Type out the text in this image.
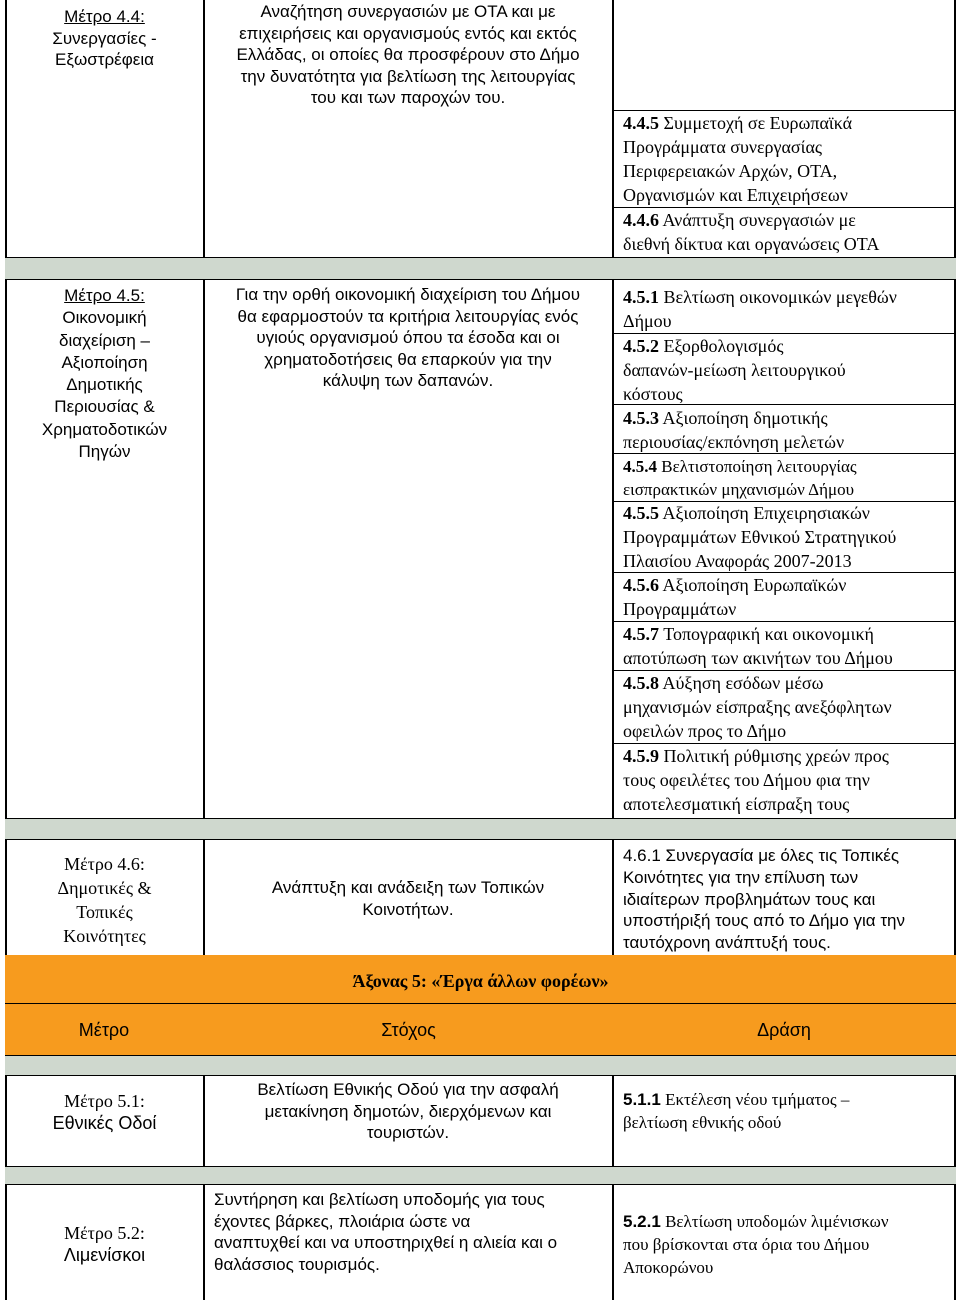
Μέτρο 4.4:
Συνεργασίες -
Εξωστρέφεια
Αναζήτηση συνεργασιών με ΟΤΑ και με
επιχειρήσεις και οργανισμούς εντός και εκτός
Ελλάδας, οι οποίες θα προσφέρουν στο Δήμο
την δυνατότητα για βελτίωση της λειτουργίας
του και των παροχών του.
4.4.5 Συμμετοχή σε Ευρωπαϊκά
Προγράμματα συνεργασίας
Περιφερειακών Αρχών, ΟΤΑ,
Οργανισμών και Επιχειρήσεων
4.4.6 Ανάπτυξη συνεργασιών με
διεθνή δίκτυα και οργανώσεις ΟΤΑ
Μέτρο 4.5:
Οικονομική
διαχείριση –
Αξιοποίηση
Δημοτικής
Περιουσίας &
Χρηματοδοτικών
Πηγών
Για την ορθή οικονομική διαχείριση του Δήμου
θα εφαρμοστούν τα κριτήρια λειτουργίας ενός
υγιούς οργανισμού όπου τα έσοδα και οι
χρηματοδοτήσεις θα επαρκούν για την
κάλυψη των δαπανών.
4.5.1 Βελτίωση οικονομικών μεγεθών
Δήμου
4.5.2 Εξορθολογισμός
δαπανών-μείωση λειτουργικού
κόστους
4.5.3 Αξιοποίηση δημοτικής
περιουσίας/εκπόνηση μελετών
4.5.4 Βελτιστοποίηση λειτουργίας
εισπρακτικών μηχανισμών Δήμου
4.5.5 Αξιοποίηση Επιχειρησιακών
Προγραμμάτων Εθνικού Στρατηγικού
Πλαισίου Αναφοράς 2007-2013
4.5.6 Αξιοποίηση Ευρωπαϊκών
Προγραμμάτων
4.5.7 Τοπογραφική και οικονομική
αποτύπωση των ακινήτων του Δήμου
4.5.8 Αύξηση εσόδων μέσω
μηχανισμών είσπραξης ανεξόφλητων
οφειλών προς το Δήμο
4.5.9 Πολιτική ρύθμισης χρεών προς
τους οφειλέτες του Δήμου φια την
αποτελεσματική είσπραξη τους
Μέτρο 4.6:
Δημοτικές &
Τοπικές
Κοινότητες
Ανάπτυξη και ανάδειξη των Τοπικών
Κοινοτήτων.
4.6.1 Συνεργασία με όλες τις Τοπικές
Κοινότητες για την επίλυση των
ιδιαίτερων προβλημάτων τους και
υποστήριξή τους από το Δήμο για την
ταυτόχρονη ανάπτυξή τους.
Άξονας 5: «Έργα άλλων φορέων»
Μέτρο	Στόχος	Δράση
Μέτρο 5.1:
Εθνικές Οδοί
Βελτίωση Εθνικής Οδού για την ασφαλή
μετακίνηση δημοτών, διερχόμενων και
τουριστών.
5.1.1 Εκτέλεση νέου τμήματος –
βελτίωση εθνικής οδού
Μέτρο 5.2:
Λιμενίσκοι
Συντήρηση και βελτίωση υποδομής για τους
έχοντες βάρκες, πλοιάρια ώστε να
αναπτυχθεί και να υποστηριχθεί η αλιεία και ο
θαλάσσιος τουρισμός.
5.2.1 Βελτίωση υποδομών λιμένισκων
που βρίσκονται στα όρια του Δήμου
Αποκορώνου
